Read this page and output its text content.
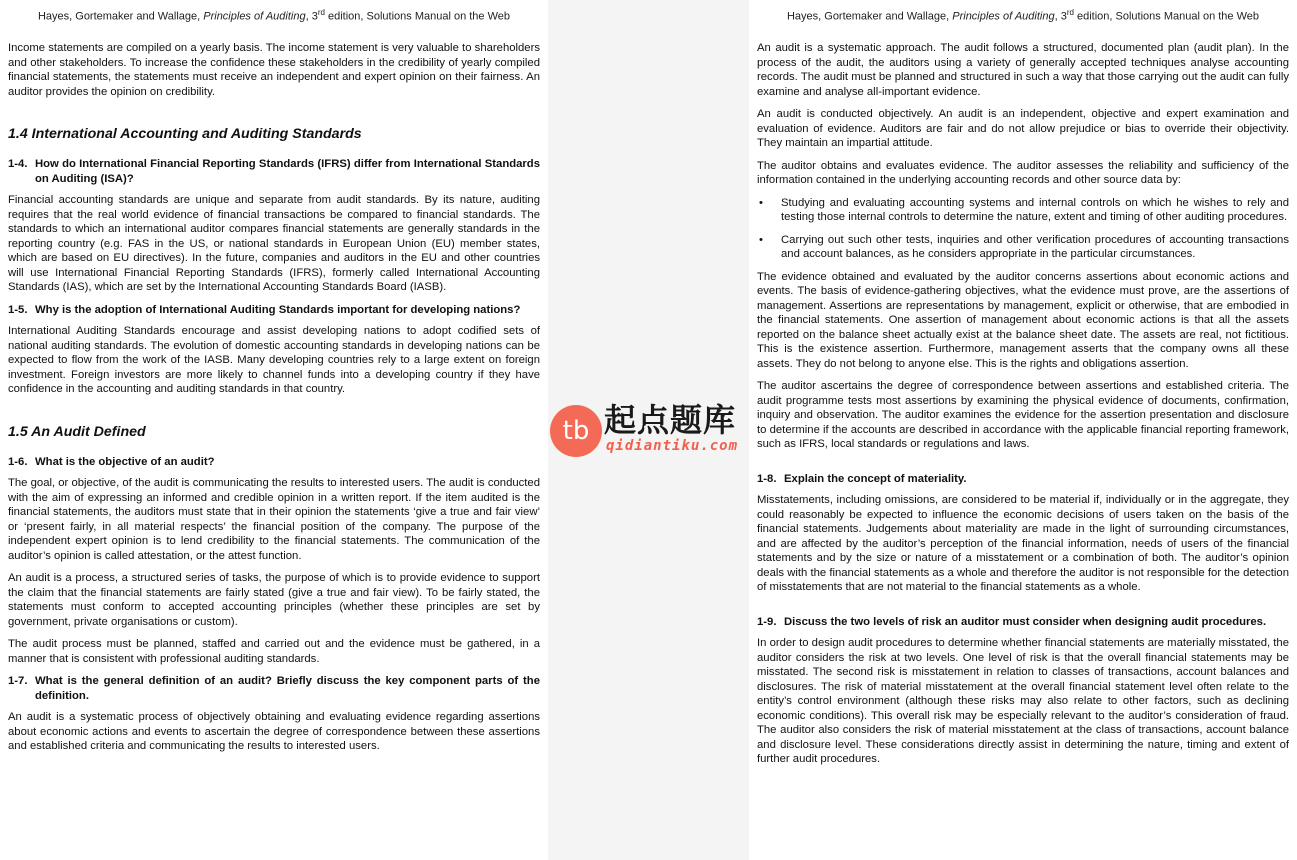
Hayes, Gortemaker and Wallage, Principles of Auditing, 3rd edition, Solutions Manual on the Web

Income statements are compiled on a yearly basis. The income statement is very valuable to shareholders and other stakeholders. To increase the confidence these stakeholders in the credibility of yearly compiled financial statements, the statements must receive an independent and expert opinion on their fairness. An auditor provides the opinion on credibility.

1.4 International Accounting and Auditing Standards
1-4. How do International Financial Reporting Standards (IFRS) differ from International Standards on Auditing (ISA)?

Financial accounting standards are unique and separate from audit standards. By its nature, auditing requires that the real world evidence of financial transactions be compared to financial standards. The standards to which an international auditor compares financial statements are generally standards in the reporting country (e.g. FAS in the US, or national standards in European Union (EU) member states, which are based on EU directives). In the future, companies and auditors in the EU and other countries will use International Financial Reporting Standards (IFRS), formerly called International Accounting Standards (IAS), which are set by the International Accounting Standards Board (IASB).

1-5. Why is the adoption of International Auditing Standards important for developing nations?

International Auditing Standards encourage and assist developing nations to adopt codified sets of national auditing standards. The evolution of domestic accounting standards in developing nations can be expected to flow from the work of the IASB. Many developing countries rely to a large extent on foreign investment. Foreign investors are more likely to channel funds into a developing country if they have confidence in the accounting and auditing standards in that country.

1.5 An Audit Defined
1-6. What is the objective of an audit?

The goal, or objective, of the audit is communicating the results to interested users. The audit is conducted with the aim of expressing an informed and credible opinion in a written report. If the item audited is the financial statements, the auditors must state that in their opinion the statements ‘give a true and fair view’ or ‘present fairly, in all material respects’ the financial position of the company. The purpose of the independent expert opinion is to lend credibility to the financial statements. The communication of the auditor’s opinion is called attestation, or the attest function.

An audit is a process, a structured series of tasks, the purpose of which is to provide evidence to support the claim that the financial statements are fairly stated (give a true and fair view). To be fairly stated, the statements must conform to accepted accounting principles (whether these principles are set by government, private organisations or custom).

The audit process must be planned, staffed and carried out and the evidence must be gathered, in a manner that is consistent with professional auditing standards.

1-7. What is the general definition of an audit? Briefly discuss the key component parts of the definition.

An audit is a systematic process of objectively obtaining and evaluating evidence regarding assertions about economic actions and events to ascertain the degree of correspondence between these assertions and established criteria and communicating the results to interested users.

Hayes, Gortemaker and Wallage, Principles of Auditing, 3rd edition, Solutions Manual on the Web

An audit is a systematic approach. The audit follows a structured, documented plan (audit plan). In the process of the audit, the auditors using a variety of generally accepted techniques analyse accounting records. The audit must be planned and structured in such a way that those carrying out the audit can fully examine and analyse all-important evidence.

An audit is conducted objectively. An audit is an independent, objective and expert examination and evaluation of evidence. Auditors are fair and do not allow prejudice or bias to override their objectivity. They maintain an impartial attitude.

The auditor obtains and evaluates evidence. The auditor assesses the reliability and sufficiency of the information contained in the underlying accounting records and other source data by:

•	Studying and evaluating accounting systems and internal controls on which he wishes to rely and testing those internal controls to determine the nature, extent and timing of other auditing procedures.
•	Carrying out such other tests, inquiries and other verification procedures of accounting transactions and account balances, as he considers appropriate in the particular circumstances.

The evidence obtained and evaluated by the auditor concerns assertions about economic actions and events. The basis of evidence-gathering objectives, what the evidence must prove, are the assertions of management. Assertions are representations by management, explicit or otherwise, that are embodied in the financial statements. One assertion of management about economic actions is that all the assets reported on the balance sheet actually exist at the balance sheet date. The assets are real, not fictitious. This is the existence assertion. Furthermore, management asserts that the company owns all these assets. They do not belong to anyone else. This is the rights and obligations assertion.

The auditor ascertains the degree of correspondence between assertions and established criteria. The audit programme tests most assertions by examining the physical evidence of documents, confirmation, inquiry and observation. The auditor examines the evidence for the assertion presentation and disclosure to determine if the accounts are described in accordance with the applicable financial reporting framework, such as IFRS, local standards or regulations and laws.

1-8. Explain the concept of materiality.

Misstatements, including omissions, are considered to be material if, individually or in the aggregate, they could reasonably be expected to influence the economic decisions of users taken on the basis of the financial statements. Judgements about materiality are made in the light of surrounding circumstances, and are affected by the auditor’s perception of the financial information, needs of users of the financial statements and by the size or nature of a misstatement or a combination of both. The auditor’s opinion deals with the financial statements as a whole and therefore the auditor is not responsible for the detection of misstatements that are not material to the financial statements as a whole.

1-9. Discuss the two levels of risk an auditor must consider when designing audit procedures.

In order to design audit procedures to determine whether financial statements are materially misstated, the auditor considers the risk at two levels. One level of risk is that the overall financial statements may be misstated. The second risk is misstatement in relation to classes of transactions, account balances and disclosures. The risk of material misstatement at the overall financial statement level often relate to the entity’s control environment (although these risks may also relate to other factors, such as declining economic conditions). This overall risk may be especially relevant to the auditor’s consideration of fraud. The auditor also considers the risk of material misstatement at the class of transactions, account balance and disclosure level. These considerations directly assist in determining the nature, timing and extent of further audit procedures.

tb 起点题库
qidiantiku.com
